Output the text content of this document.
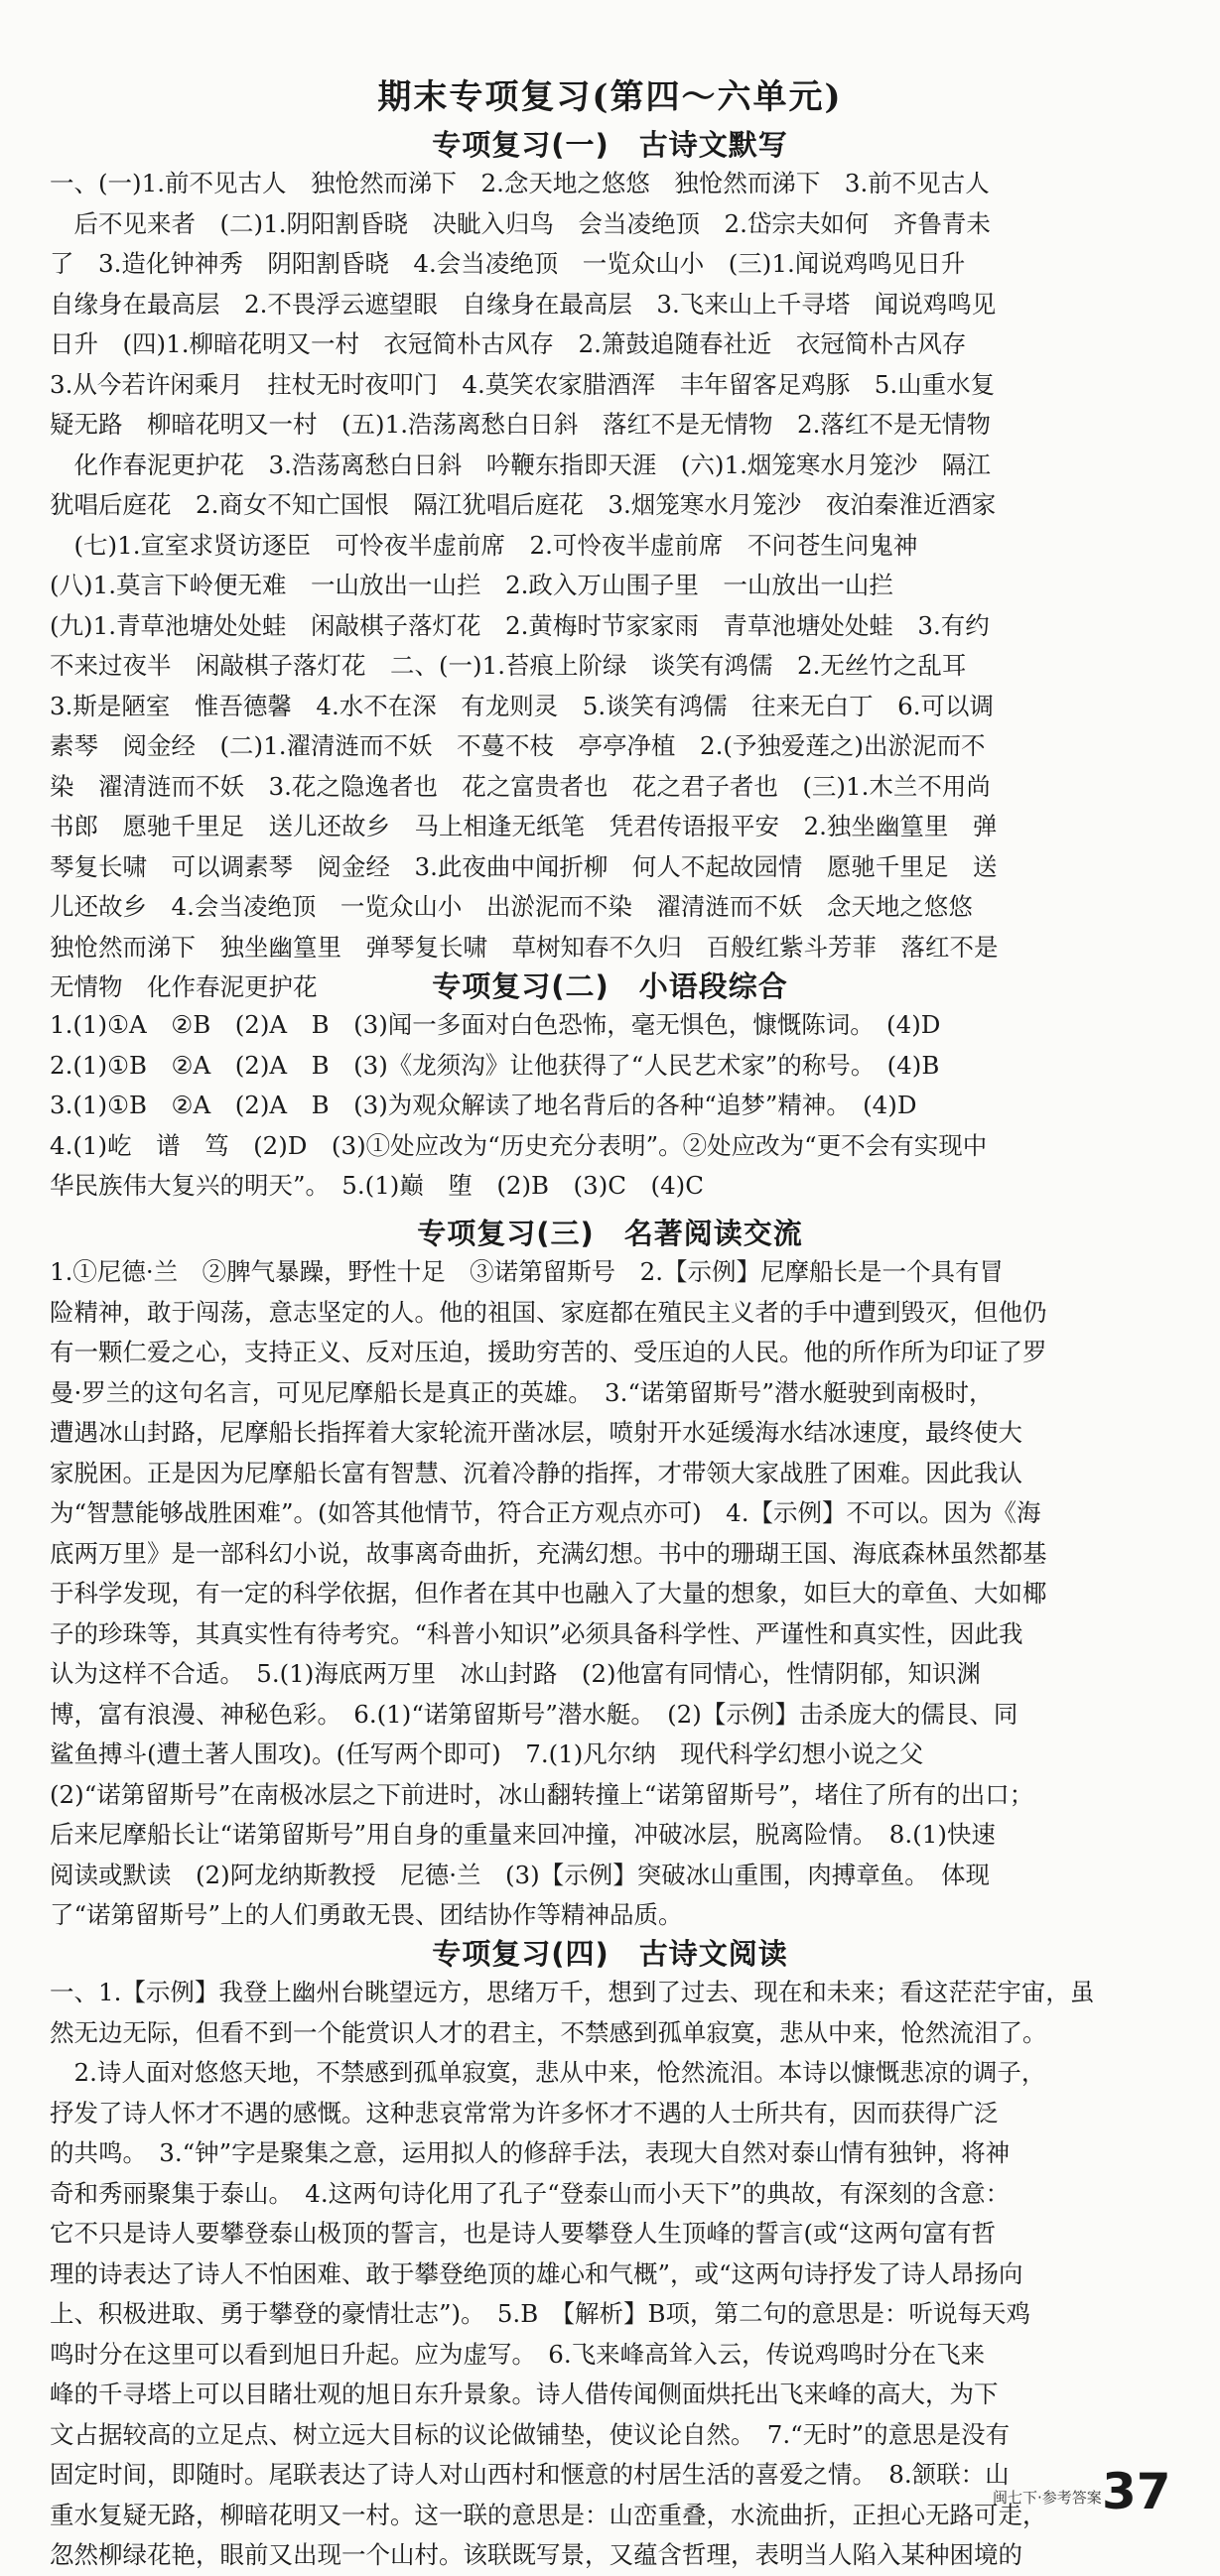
期末专项复习(第四～六单元)
专项复习(一)　古诗文默写
一、(一)1.前不见古人　独怆然而涕下　2.念天地之悠悠　独怆然而涕下　3.前不见古人
　后不见来者　(二)1.阴阳割昏晓　决眦入归鸟　会当凌绝顶　2.岱宗夫如何　齐鲁青未
了　3.造化钟神秀　阴阳割昏晓　4.会当凌绝顶　一览众山小　(三)1.闻说鸡鸣见日升
自缘身在最高层　2.不畏浮云遮望眼　自缘身在最高层　3.飞来山上千寻塔　闻说鸡鸣见
日升　(四)1.柳暗花明又一村　衣冠简朴古风存　2.箫鼓追随春社近　衣冠简朴古风存
3.从今若许闲乘月　拄杖无时夜叩门　4.莫笑农家腊酒浑　丰年留客足鸡豚　5.山重水复
疑无路　柳暗花明又一村　(五)1.浩荡离愁白日斜　落红不是无情物　2.落红不是无情物
　化作春泥更护花　3.浩荡离愁白日斜　吟鞭东指即天涯　(六)1.烟笼寒水月笼沙　隔江
犹唱后庭花　2.商女不知亡国恨　隔江犹唱后庭花　3.烟笼寒水月笼沙　夜泊秦淮近酒家
　(七)1.宣室求贤访逐臣　可怜夜半虚前席　2.可怜夜半虚前席　不问苍生问鬼神
(八)1.莫言下岭便无难　一山放出一山拦　2.政入万山围子里　一山放出一山拦
(九)1.青草池塘处处蛙　闲敲棋子落灯花　2.黄梅时节家家雨　青草池塘处处蛙　3.有约
不来过夜半　闲敲棋子落灯花　二、(一)1.苔痕上阶绿　谈笑有鸿儒　2.无丝竹之乱耳
3.斯是陋室　惟吾德馨　4.水不在深　有龙则灵　5.谈笑有鸿儒　往来无白丁　6.可以调
素琴　阅金经　(二)1.濯清涟而不妖　不蔓不枝　亭亭净植　2.(予独爱莲之)出淤泥而不
染　濯清涟而不妖　3.花之隐逸者也　花之富贵者也　花之君子者也　(三)1.木兰不用尚
书郎　愿驰千里足　送儿还故乡　马上相逢无纸笔　凭君传语报平安　2.独坐幽篁里　弹
琴复长啸　可以调素琴　阅金经　3.此夜曲中闻折柳　何人不起故园情　愿驰千里足　送
儿还故乡　4.会当凌绝顶　一览众山小　出淤泥而不染　濯清涟而不妖　念天地之悠悠
独怆然而涕下　独坐幽篁里　弹琴复长啸　草树知春不久归　百般红紫斗芳菲　落红不是
无情物　化作春泥更护花	专项复习(二)　小语段综合
1.(1)①A　②B　(2)A　B　(3)闻一多面对白色恐怖，毫无惧色，慷慨陈词。　(4)D
2.(1)①B　②A　(2)A　B　(3)《龙须沟》让他获得了“人民艺术家”的称号。　(4)B
3.(1)①B　②A　(2)A　B　(3)为观众解读了地名背后的各种“追梦”精神。　(4)D
4.(1)屹　谱　笃　(2)D　(3)①处应改为“历史充分表明”。②处应改为“更不会有实现中
华民族伟大复兴的明天”。　5.(1)巅　堕　(2)B　(3)C　(4)C
专项复习(三)　名著阅读交流
1.①尼德·兰　②脾气暴躁，野性十足　③诺第留斯号　2.【示例】尼摩船长是一个具有冒
险精神，敢于闯荡，意志坚定的人。他的祖国、家庭都在殖民主义者的手中遭到毁灭，但他仍
有一颗仁爱之心，支持正义、反对压迫，援助穷苦的、受压迫的人民。他的所作所为印证了罗
曼·罗兰的这句名言，可见尼摩船长是真正的英雄。　3.“诺第留斯号”潜水艇驶到南极时，
遭遇冰山封路，尼摩船长指挥着大家轮流开凿冰层，喷射开水延缓海水结冰速度，最终使大
家脱困。正是因为尼摩船长富有智慧、沉着冷静的指挥，才带领大家战胜了困难。因此我认
为“智慧能够战胜困难”。(如答其他情节，符合正方观点亦可)　4.【示例】不可以。因为《海
底两万里》是一部科幻小说，故事离奇曲折，充满幻想。书中的珊瑚王国、海底森林虽然都基
于科学发现，有一定的科学依据，但作者在其中也融入了大量的想象，如巨大的章鱼、大如椰
子的珍珠等，其真实性有待考究。“科普小知识”必须具备科学性、严谨性和真实性，因此我
认为这样不合适。　5.(1)海底两万里　冰山封路　(2)他富有同情心，性情阴郁，知识渊
博，富有浪漫、神秘色彩。　6.(1)“诺第留斯号”潜水艇。　(2)【示例】击杀庞大的儒艮、同
鲨鱼搏斗(遭土著人围攻)。(任写两个即可)　7.(1)凡尔纳　现代科学幻想小说之父
(2)“诺第留斯号”在南极冰层之下前进时，冰山翻转撞上“诺第留斯号”，堵住了所有的出口；
后来尼摩船长让“诺第留斯号”用自身的重量来回冲撞，冲破冰层，脱离险情。　8.(1)快速
阅读或默读　(2)阿龙纳斯教授　尼德·兰　(3)【示例】突破冰山重围，肉搏章鱼。　体现
了“诺第留斯号”上的人们勇敢无畏、团结协作等精神品质。
专项复习(四)　古诗文阅读
一、1.【示例】我登上幽州台眺望远方，思绪万千，想到了过去、现在和未来；看这茫茫宇宙，虽
然无边无际，但看不到一个能赏识人才的君主，不禁感到孤单寂寞，悲从中来，怆然流泪了。
　2.诗人面对悠悠天地，不禁感到孤单寂寞，悲从中来，怆然流泪。本诗以慷慨悲凉的调子，
抒发了诗人怀才不遇的感慨。这种悲哀常常为许多怀才不遇的人士所共有，因而获得广泛
的共鸣。　3.“钟”字是聚集之意，运用拟人的修辞手法，表现大自然对泰山情有独钟，将神
奇和秀丽聚集于泰山。　4.这两句诗化用了孔子“登泰山而小天下”的典故，有深刻的含意：
它不只是诗人要攀登泰山极顶的誓言，也是诗人要攀登人生顶峰的誓言(或“这两句富有哲
理的诗表达了诗人不怕困难、敢于攀登绝顶的雄心和气概”，或“这两句诗抒发了诗人昂扬向
上、积极进取、勇于攀登的豪情壮志”)。　5.B　【解析】B项，第二句的意思是：听说每天鸡
鸣时分在这里可以看到旭日升起。应为虚写。　6.飞来峰高耸入云，传说鸡鸣时分在飞来
峰的千寻塔上可以目睹壮观的旭日东升景象。诗人借传闻侧面烘托出飞来峰的高大，为下
文占据较高的立足点、树立远大目标的议论做铺垫，使议论自然。　7.“无时”的意思是没有
固定时间，即随时。尾联表达了诗人对山西村和惬意的村居生活的喜爱之情。　8.颔联：山
重水复疑无路，柳暗花明又一村。这一联的意思是：山峦重叠，水流曲折，正担心无路可走，
忽然柳绿花艳，眼前又出现一个山村。该联既写景，又蕴含哲理，表明当人陷入某种困境的
闽七下·参考答案 37
